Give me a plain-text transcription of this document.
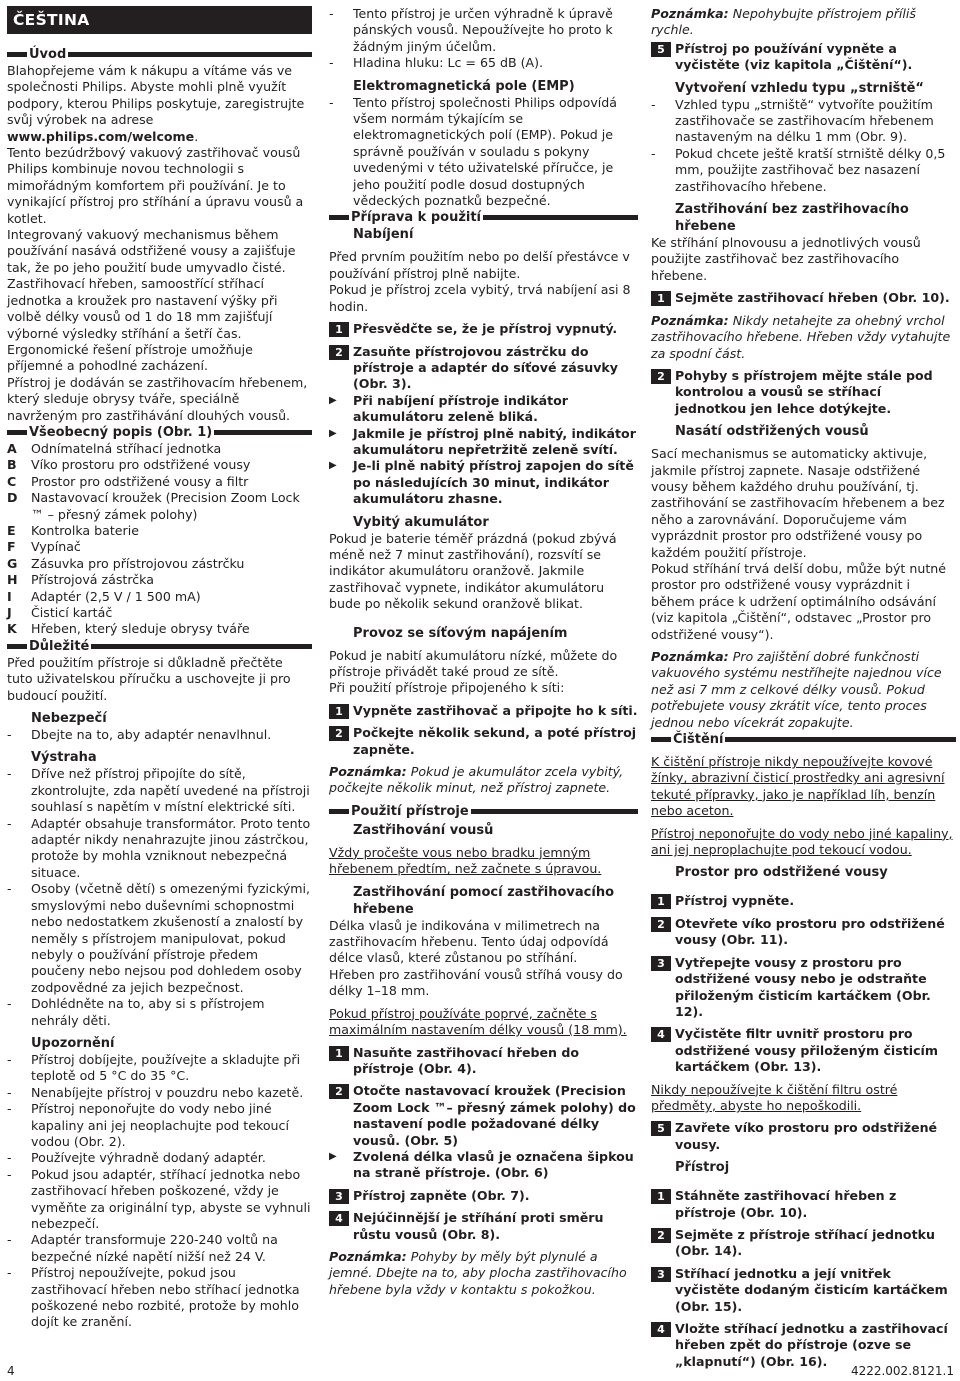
ČEŠTINA
Úvod

Blahopřejeme vám k nákupu a vítáme vás ve společnosti Philips. Abyste mohli plně využít podpory, kterou Philips poskytuje, zaregistrujte svůj výrobek na adrese www.philips.com/welcome.

Tento bezúdržbový vakuový zastřihovač vousů Philips kombinuje novou technologii s mimořádným komfortem při používání. Je to vynikající přístroj pro stříhání a úpravu vousů a kotlet.

Integrovaný vakuový mechanismus během používání nasává odstřižené vousy a zajišťuje tak, že po jeho použití bude umyvadlo čisté. Zastřihovací hřeben, samoostřící stříhací jednotka a kroužek pro nastavení výšky při volbě délky vousů od 1 do 18 mm zajišťují výborné výsledky stříhání a šetří čas. Ergonomické řešení přístroje umožňuje příjemné a pohodlné zacházení.

Přístroj je dodáván se zastřihovacím hřebenem, který sleduje obrysy tváře, speciálně navrženým pro zastřihávání dlouhých vousů.

Všeobecný popis (Obr. 1)
A	Odnímatelná stříhací jednotka
B	Víko prostoru pro odstřižené vousy
C	Prostor pro odstřižené vousy a filtr
D	Nastavovací kroužek (Precision Zoom Lock ™ – přesný zámek polohy)
E	Kontrolka baterie
F	Vypínač
G	Zásuvka pro přístrojovou zástrčku
H	Přístrojová zástrčka
I	Adaptér (2,5 V / 1 500 mA)
J	Čisticí kartáč
K	Hřeben, který sleduje obrysy tváře
Důležité

Před použitím přístroje si důkladně přečtěte tuto uživatelskou příručku a uschovejte ji pro budoucí použití.

Nebezpečí
-	Dbejte na to, aby adaptér nenavlhnul.
Výstraha
-	Dříve než přístroj připojíte do sítě, zkontrolujte, zda napětí uvedené na přístroji souhlasí s napětím v místní elektrické síti.
-	Adaptér obsahuje transformátor. Proto tento adaptér nikdy nenahrazujte jinou zástrčkou, protože by mohla vzniknout nebezpečná situace.
-	Osoby (včetně dětí) s omezenými fyzickými, smyslovými nebo duševními schopnostmi nebo nedostatkem zkušeností a znalostí by neměly s přístrojem manipulovat, pokud nebyly o používání přístroje předem poučeny nebo nejsou pod dohledem osoby zodpovědné za jejich bezpečnost.
-	Dohlédněte na to, aby si s přístrojem nehrály děti.
Upozornění
-	Přístroj dobíjejte, používejte a skladujte při teplotě od 5 °C do 35 °C.
-	Nenabíjejte přístroj v pouzdru nebo kazetě.
-	Přístroj neponořujte do vody nebo jiné kapaliny ani jej neoplachujte pod tekoucí vodou (Obr. 2).
-	Používejte výhradně dodaný adaptér.
-	Pokud jsou adaptér, stříhací jednotka nebo zastřihovací hřeben poškozené, vždy je vyměňte za originální typ, abyste se vyhnuli nebezpečí.
-	Adaptér transformuje 220-240 voltů na bezpečné nízké napětí nižší než 24 V.
-	Přístroj nepoužívejte, pokud jsou zastřihovací hřeben nebo stříhací jednotka poškozené nebo rozbité, protože by mohlo dojít ke zranění.
-	Tento přístroj je určen výhradně k úpravě pánských vousů. Nepoužívejte ho proto k žádným jiným účelům.
-	Hladina hluku: Lc = 65 dB (A).
Elektromagnetická pole (EMP)
-	Tento přístroj společnosti Philips odpovídá všem normám týkajícím se elektromagnetických polí (EMP). Pokud je správně používán v souladu s pokyny uvedenými v této uživatelské příručce, je jeho použití podle dosud dostupných vědeckých poznatků bezpečné.
Příprava k použití
Nabíjení

Před prvním použitím nebo po delší přestávce v používání přístroj plně nabijte.

Pokud je přístroj zcela vybitý, trvá nabíjení asi 8 hodin.

1 Přesvědčte se, že je přístroj vypnutý.
2 Zasuňte přístrojovou zástrčku do přístroje a adaptér do síťové zásuvky (Obr. 3).
▶	Při nabíjení přístroje indikátor akumulátoru zeleně bliká.
▶	Jakmile je přístroj plně nabitý, indikátor akumulátoru nepřetržitě zeleně svítí.
▶	Je-li plně nabitý přístroj zapojen do sítě po následujících 30 minut, indikátor akumulátoru zhasne.
Vybitý akumulátor

Pokud je baterie téměř prázdná (pokud zbývá méně než 7 minut zastřihování), rozsvítí se indikátor akumulátoru oranžově. Jakmile zastřihovač vypnete, indikátor akumulátoru bude po několik sekund oranžově blikat.

Provoz se síťovým napájením

Pokud je nabití akumulátoru nízké, můžete do přístroje přivádět také proud ze sítě.

Při použití přístroje připojeného k síti:

1 Vypněte zastřihovač a připojte ho k síti.
2 Počkejte několik sekund, a poté přístroj zapněte.

Poznámka: Pokud je akumulátor zcela vybitý, počkejte několik minut, než přístroj zapnete.

Použití přístroje
Zastřihování vousů

Vždy pročešte vous nebo bradku jemným hřebenem předtím, než začnete s úpravou.

Zastřihování pomocí zastřihovacího hřebene

Délka vlasů je indikována v milimetrech na zastřihovacím hřebenu. Tento údaj odpovídá délce vlasů, které zůstanou po stříhání.

Hřeben pro zastřihování vousů stříhá vousy do délky 1–18 mm.

Pokud přístroj používáte poprvé, začněte s maximálním nastavením délky vousů (18 mm).

1 Nasuňte zastřihovací hřeben do přístroje (Obr. 4).
2 Otočte nastavovací kroužek (Precision Zoom Lock ™– přesný zámek polohy) do nastavení podle požadované délky vousů. (Obr. 5)
▶	Zvolená délka vlasů je označena šipkou na straně přístroje. (Obr. 6)
3 Přístroj zapněte (Obr. 7).
4 Nejúčinnější je stříhání proti směru růstu vousů (Obr. 8).

Poznámka: Pohyby by měly být plynulé a jemné. Dbejte na to, aby plocha zastřihovacího hřebene byla vždy v kontaktu s pokožkou.

Poznámka: Nepohybujte přístrojem příliš rychle.

5 Přístroj po používání vypněte a vyčistěte (viz kapitola „Čištění“).
Vytvoření vzhledu typu „strniště“
-	Vzhled typu „strniště“ vytvoříte použitím zastřihovače se zastřihovacím hřebenem nastaveným na délku 1 mm (Obr. 9).
-	Pokud chcete ještě kratší strniště délky 0,5 mm, použijte zastřihovač bez nasazení zastřihovacího hřebene.
Zastřihování bez zastřihovacího hřebene

Ke stříhání plnovousu a jednotlivých vousů použijte zastřihovač bez zastřihovacího hřebene.

1 Sejměte zastřihovací hřeben (Obr. 10).

Poznámka: Nikdy netahejte za ohebný vrchol zastřihovacího hřebene. Hřeben vždy vytahujte za spodní část.

2 Pohyby s přístrojem mějte stále pod kontrolou a vousů se stříhací jednotkou jen lehce dotýkejte.
Nasátí odstřižených vousů

Sací mechanismus se automaticky aktivuje, jakmile přístroj zapnete. Nasaje odstřižené vousy během každého druhu používání, tj. zastřihování se zastřihovacím hřebenem a bez něho a zarovnávání. Doporučujeme vám vyprázdnit prostor pro odstřižené vousy po každém použití přístroje.

Pokud stříhání trvá delší dobu, může být nutné prostor pro odstřižené vousy vyprázdnit i během práce k udržení optimálního odsávání (viz kapitola „Čištění“, odstavec „Prostor pro odstřižené vousy“).

Poznámka: Pro zajištění dobré funkčnosti vakuového systému nestříhejte najednou více než asi 7 mm z celkové délky vousů. Pokud potřebujete vousy zkrátit více, tento proces jednou nebo vícekrát zopakujte.

Čištění

K čištění přístroje nikdy nepoužívejte kovové žínky, abrazivní čisticí prostředky ani agresivní tekuté přípravky, jako je například líh, benzín nebo aceton.

Přístroj neponořujte do vody nebo jiné kapaliny, ani jej neproplachujte pod tekoucí vodou.

Prostor pro odstřižené vousy
1 Přístroj vypněte.
2 Otevřete víko prostoru pro odstřižené vousy (Obr. 11).
3 Vytřepejte vousy z prostoru pro odstřižené vousy nebo je odstraňte přiloženým čisticím kartáčkem (Obr. 12).
4 Vyčistěte filtr uvnitř prostoru pro odstřižené vousy přiloženým čisticím kartáčkem (Obr. 13).

Nikdy nepoužívejte k čištění filtru ostré předměty, abyste ho nepoškodili.

5 Zavřete víko prostoru pro odstřižené vousy.
Přístroj
1 Stáhněte zastřihovací hřeben z přístroje (Obr. 10).
2 Sejměte z přístroje stříhací jednotku (Obr. 14).
3 Stříhací jednotku a její vnitřek vyčistěte dodaným čisticím kartáčkem (Obr. 15).
4 Vložte stříhací jednotku a zastřihovací hřeben zpět do přístroje (ozve se „klapnutí“) (Obr. 16).
4	4222.002.8121.1
